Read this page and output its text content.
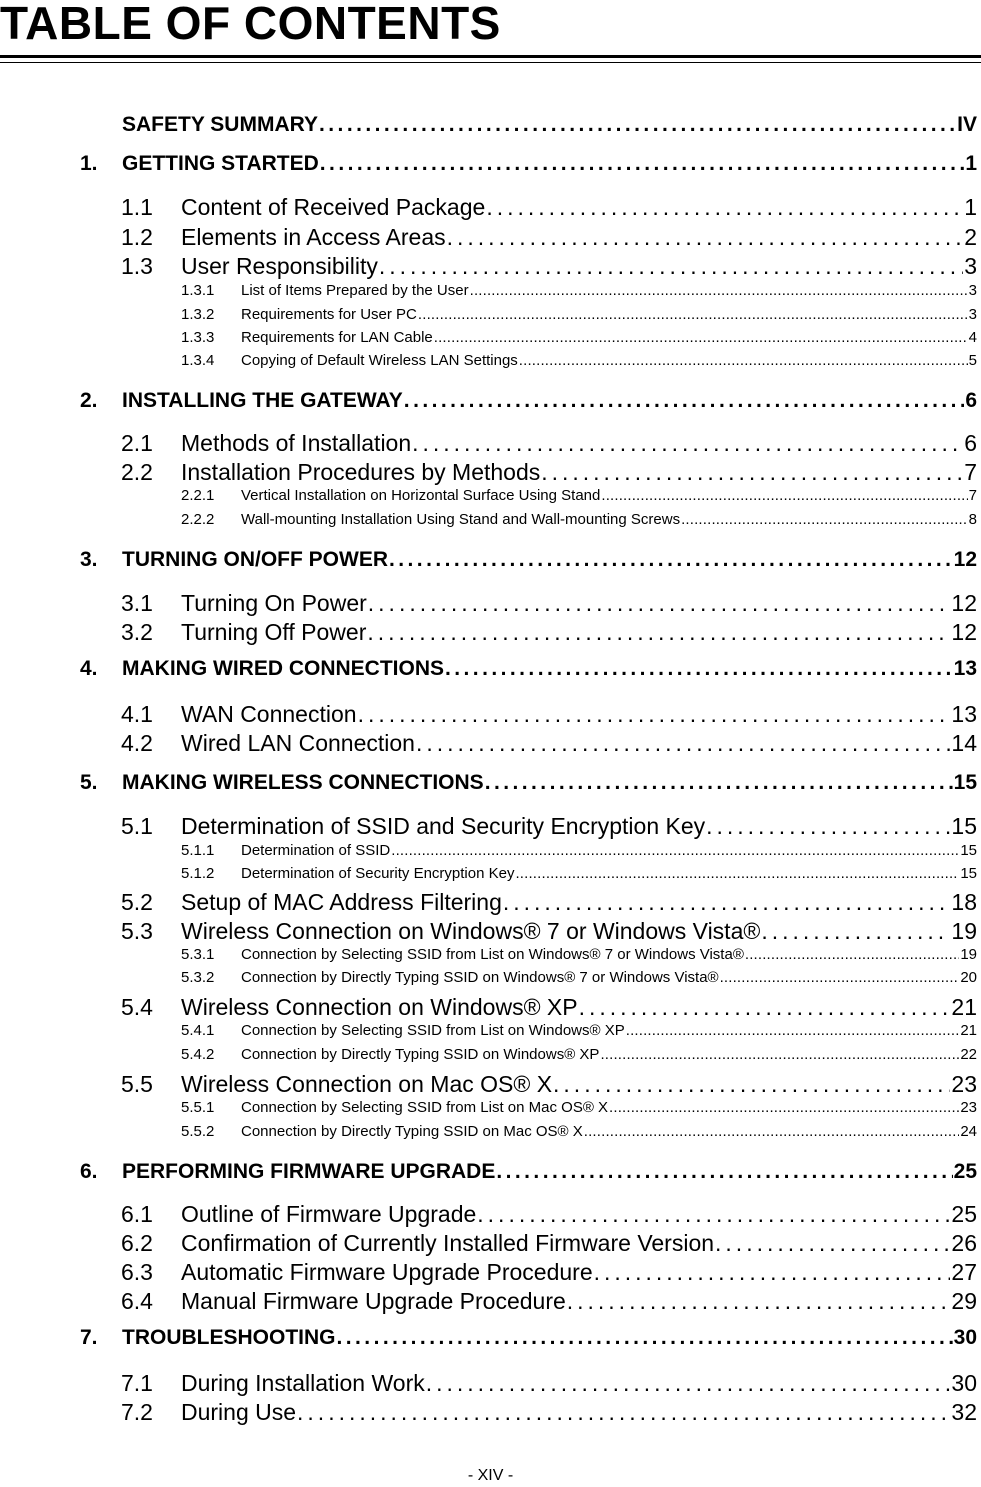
TABLE OF CONTENTS
SAFETY SUMMARY . . .	IV
1.	GETTING STARTED . . .	1
1.1	Content of Received Package . . .	1
1.2	Elements in Access Areas . . .	2
1.3	User Responsibility . . .	3
1.3.1	List of Items Prepared by the User . . .	3
1.3.2	Requirements for User PC . . .	3
1.3.3	Requirements for LAN Cable . . .	4
1.3.4	Copying of Default Wireless LAN Settings . . .	5
2.	INSTALLING THE GATEWAY . . .	6
2.1	Methods of Installation . . .	6
2.2	Installation Procedures by Methods . . .	7
2.2.1	Vertical Installation on Horizontal Surface Using Stand . . .	7
2.2.2	Wall-mounting Installation Using Stand and Wall-mounting Screws . . .	8
3.	TURNING ON/OFF POWER . . .	12
3.1	Turning On Power . . .	12
3.2	Turning Off Power . . .	12
4.	MAKING WIRED CONNECTIONS . . .	13
4.1	WAN Connection . . .	13
4.2	Wired LAN Connection . . .	14
5.	MAKING WIRELESS CONNECTIONS . . .	15
5.1	Determination of SSID and Security Encryption Key . . .	15
5.1.1	Determination of SSID . . .	15
5.1.2	Determination of Security Encryption Key . . .	15
5.2	Setup of MAC Address Filtering . . .	18
5.3	Wireless Connection on Windows® 7 or Windows Vista® . . .	19
5.3.1	Connection by Selecting SSID from List on Windows® 7 or Windows Vista® . . .	19
5.3.2	Connection by Directly Typing SSID on Windows® 7 or Windows Vista® . . .	20
5.4	Wireless Connection on Windows® XP . . .	21
5.4.1	Connection by Selecting SSID from List on Windows® XP . . .	21
5.4.2	Connection by Directly Typing SSID on Windows® XP . . .	22
5.5	Wireless Connection on Mac OS® X . . .	23
5.5.1	Connection by Selecting SSID from List on Mac OS® X . . .	23
5.5.2	Connection by Directly Typing SSID on Mac OS® X . . .	24
6.	PERFORMING FIRMWARE UPGRADE . . .	25
6.1	Outline of Firmware Upgrade . . .	25
6.2	Confirmation of Currently Installed Firmware Version . . .	26
6.3	Automatic Firmware Upgrade Procedure . . .	27
6.4	Manual Firmware Upgrade Procedure . . .	29
7.	TROUBLESHOOTING . . .	30
7.1	During Installation Work . . .	30
7.2	During Use . . .	32
- XIV -
